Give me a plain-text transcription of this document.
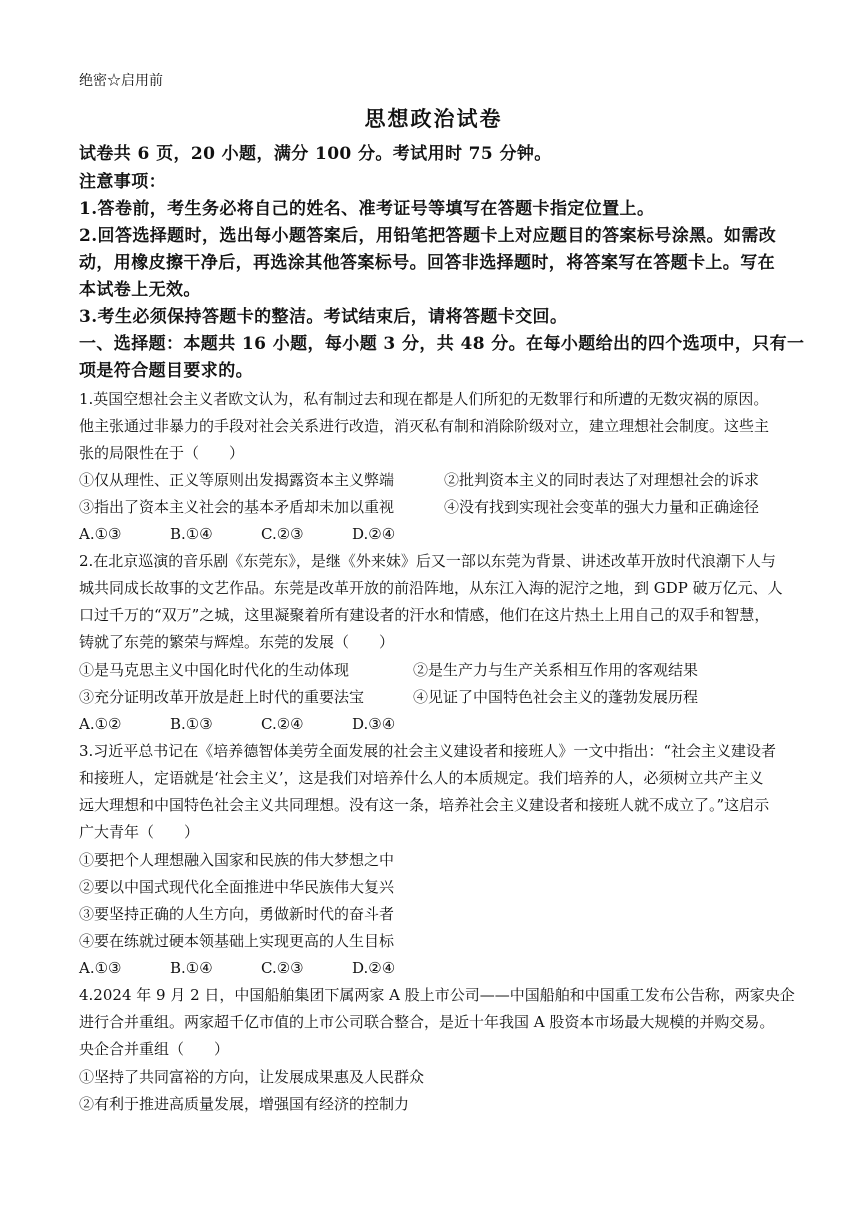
绝密☆启用前
思想政治试卷
试卷共 6 页，20 小题，满分 100 分。考试用时 75 分钟。
注意事项：
1.答卷前，考生务必将自己的姓名、准考证号等填写在答题卡指定位置上。
2.回答选择题时，选出每小题答案后，用铅笔把答题卡上对应题目的答案标号涂黑。如需改
动，用橡皮擦干净后，再选涂其他答案标号。回答非选择题时，将答案写在答题卡上。写在
本试卷上无效。
3.考生必须保持答题卡的整洁。考试结束后，请将答题卡交回。
一、选择题：本题共 16 小题，每小题 3 分，共 48 分。在每小题给出的四个选项中，只有一
项是符合题目要求的。
1.英国空想社会主义者欧文认为，私有制过去和现在都是人们所犯的无数罪行和所遭的无数灾祸的原因。
他主张通过非暴力的手段对社会关系进行改造，消灭私有制和消除阶级对立，建立理想社会制度。这些主
张的局限性在于（　　）
①仅从理性、正义等原则出发揭露资本主义弊端	②批判资本主义的同时表达了对理想社会的诉求
③指出了资本主义社会的基本矛盾却未加以重视	④没有找到实现社会变革的强大力量和正确途径
A.①③	B.①④	C.②③	D.②④
2.在北京巡演的音乐剧《东莞东》，是继《外来妹》后又一部以东莞为背景、讲述改革开放时代浪潮下人与
城共同成长故事的文艺作品。东莞是改革开放的前沿阵地，从东江入海的泥泞之地，到 GDP 破万亿元、人
口过千万的“双万”之城，这里凝聚着所有建设者的汗水和情感，他们在这片热土上用自己的双手和智慧，
铸就了东莞的繁荣与辉煌。东莞的发展（　　）
①是马克思主义中国化时代化的生动体现	②是生产力与生产关系相互作用的客观结果
③充分证明改革开放是赶上时代的重要法宝	④见证了中国特色社会主义的蓬勃发展历程
A.①②	B.①③	C.②④	D.③④
3.习近平总书记在《培养德智体美劳全面发展的社会主义建设者和接班人》一文中指出：“社会主义建设者
和接班人，定语就是‘社会主义’，这是我们对培养什么人的本质规定。我们培养的人，必须树立共产主义
远大理想和中国特色社会主义共同理想。没有这一条，培养社会主义建设者和接班人就不成立了。”这启示
广大青年（　　）
①要把个人理想融入国家和民族的伟大梦想之中
②要以中国式现代化全面推进中华民族伟大复兴
③要坚持正确的人生方向，勇做新时代的奋斗者
④要在练就过硬本领基础上实现更高的人生目标
A.①③	B.①④	C.②③	D.②④
4.2024 年 9 月 2 日，中国船舶集团下属两家 A 股上市公司——中国船舶和中国重工发布公告称，两家央企
进行合并重组。两家超千亿市值的上市公司联合整合，是近十年我国 A 股资本市场最大规模的并购交易。
央企合并重组（　　）
①坚持了共同富裕的方向，让发展成果惠及人民群众
②有利于推进高质量发展，增强国有经济的控制力
